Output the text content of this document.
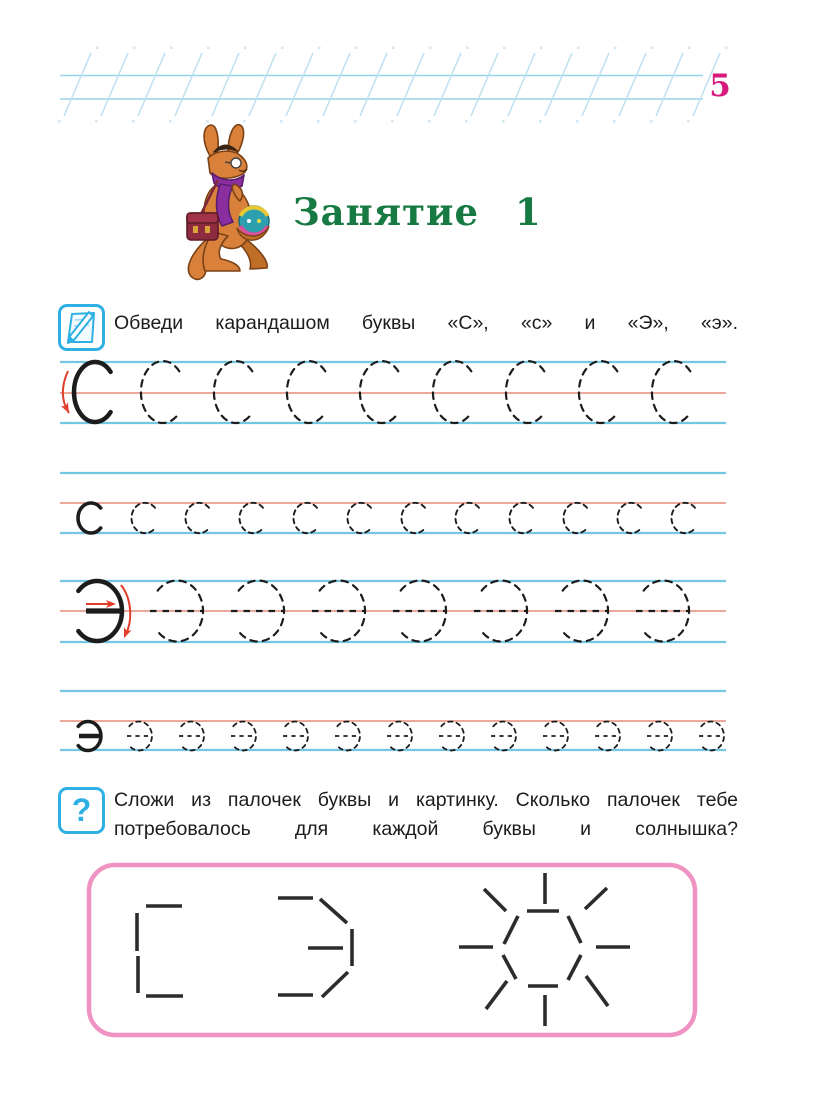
5
Занятие 1

Обведи карандашом буквы «С», «с» и «Э», «э».

? Сложи из палочек буквы и картинку. Сколько палочек тебе потребовалось для каждой буквы и солнышка?
